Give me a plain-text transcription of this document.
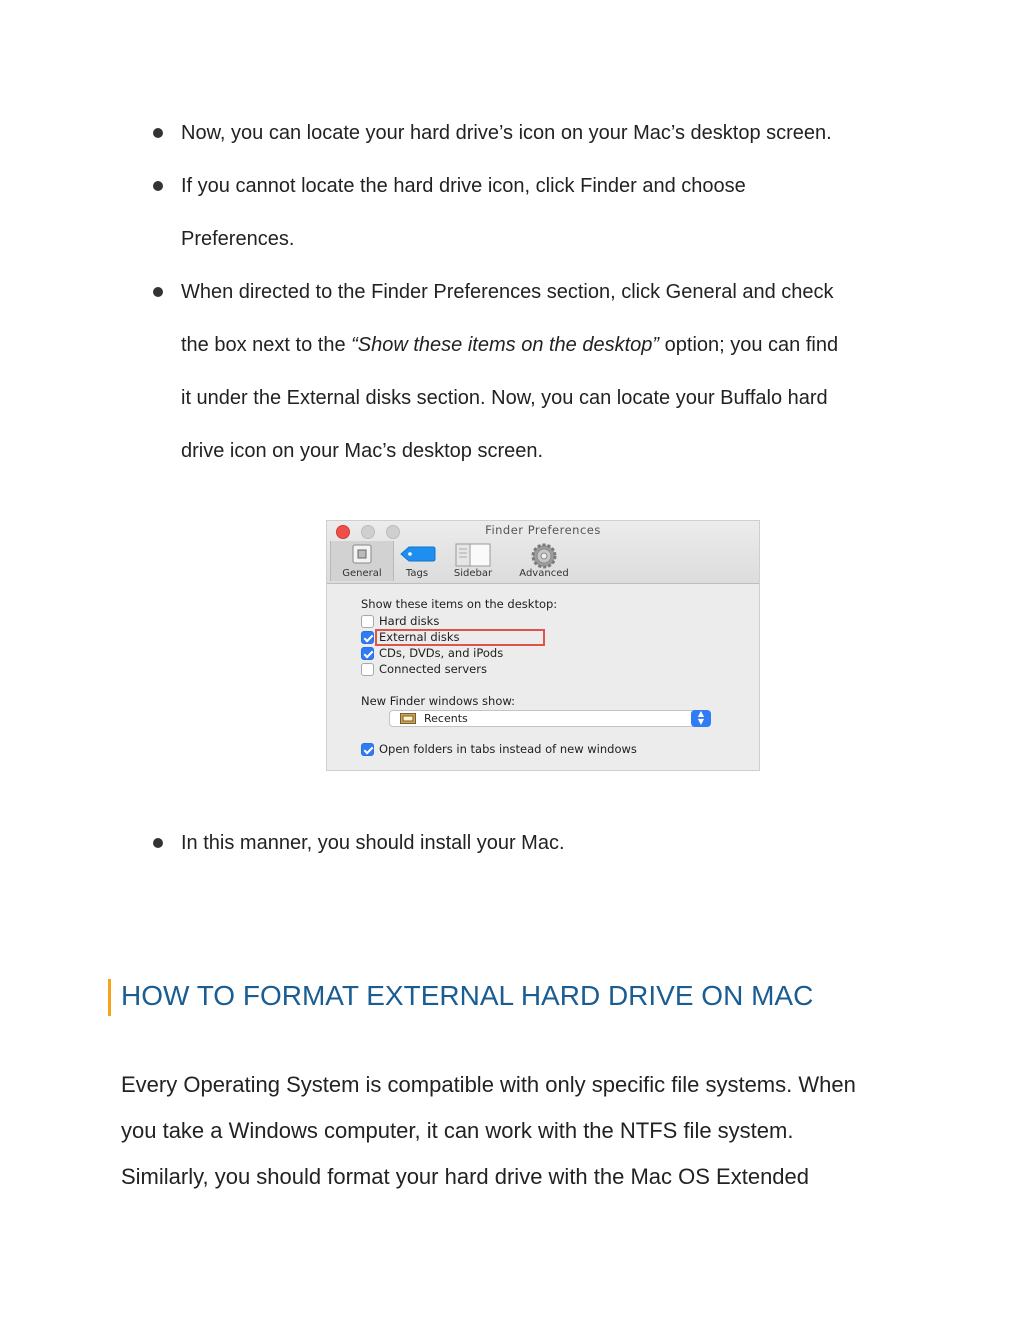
Now, you can locate your hard drive’s icon on your Mac’s desktop screen.
If you cannot locate the hard drive icon, click Finder and choose
Preferences.
When directed to the Finder Preferences section, click General and check
the box next to the “Show these items on the desktop” option; you can find
it under the External disks section. Now, you can locate your Buffalo hard
drive icon on your Mac’s desktop screen.
Finder Preferences
General	Tags	Sidebar	Advanced
Show these items on the desktop:
Hard disks
External disks
CDs, DVDs, and iPods
Connected servers
New Finder windows show:
Recents	▲
▼
Open folders in tabs instead of new windows
In this manner, you should install your Mac.
HOW TO FORMAT EXTERNAL HARD DRIVE ON MAC
Every Operating System is compatible with only specific file systems. When
you take a Windows computer, it can work with the NTFS file system.
Similarly, you should format your hard drive with the Mac OS Extended
